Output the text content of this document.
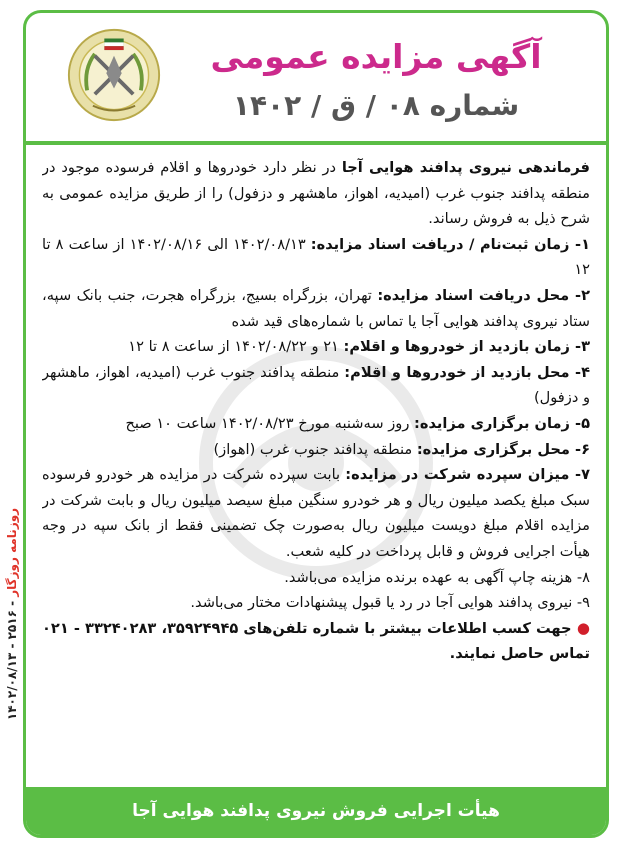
آگهی مزایده عمومی
شماره ۰۸ / ق / ۱۴۰۲

فرماندهی نیروی پدافند هوایی آجا در نظر دارد خودروها و اقلام فرسوده موجود در منطقه پدافند جنوب غرب (امیدیه، اهواز، ماهشهر و دزفول) را از طریق مزایده عمومی به شرح ذیل به فروش رساند.

۱- زمان ثبت‌نام / دریافت اسناد مزایده: ۱۴۰۲/۰۸/۱۳ الی ۱۴۰۲/۰۸/۱۶ از ساعت ۸ تا ۱۲

۲- محل دریافت اسناد مزایده: تهران، بزرگراه بسیج، بزرگراه هجرت، جنب بانک سپه، ستاد نیروی پدافند هوایی آجا یا تماس با شماره‌های قید شده

۳- زمان بازدید از خودروها و اقلام: ۲۱ و ۱۴۰۲/۰۸/۲۲ از ساعت ۸ تا ۱۲

۴- محل بازدید از خودروها و اقلام: منطقه پدافند جنوب غرب (امیدیه، اهواز، ماهشهر و دزفول)

۵- زمان برگزاری مزایده: روز سه‌شنبه مورخ ۱۴۰۲/۰۸/۲۳ ساعت ۱۰ صبح

۶- محل برگزاری مزایده: منطقه پدافند جنوب غرب (اهواز)

۷- میزان سپرده شرکت در مزایده: بابت سپرده شرکت در مزایده هر خودرو فرسوده سبک مبلغ یکصد میلیون ریال و هر خودرو سنگین مبلغ سیصد میلیون ریال و بابت شرکت در مزایده اقلام مبلغ دویست میلیون ریال به‌صورت چک تضمینی فقط از بانک سپه در وجه هیأت اجرایی فروش و قابل پرداخت در کلیه شعب.

۸- هزینه چاپ آگهی به عهده برنده مزایده می‌باشد.

۹- نیروی پدافند هوایی آجا در رد یا قبول پیشنهادات مختار می‌باشد.

● جهت کسب اطلاعات بیشتر با شماره تلفن‌های ۳۵۹۲۴۹۴۵، ۳۳۲۴۰۲۸۳ - ۰۲۱ تماس حاصل نمایند.

هیأت اجرایی فروش نیروی پدافند هوایی آجا
روزنامه روزگار - ۲۵۱۶ - ۱۴۰۲/۰۸/۱۳
